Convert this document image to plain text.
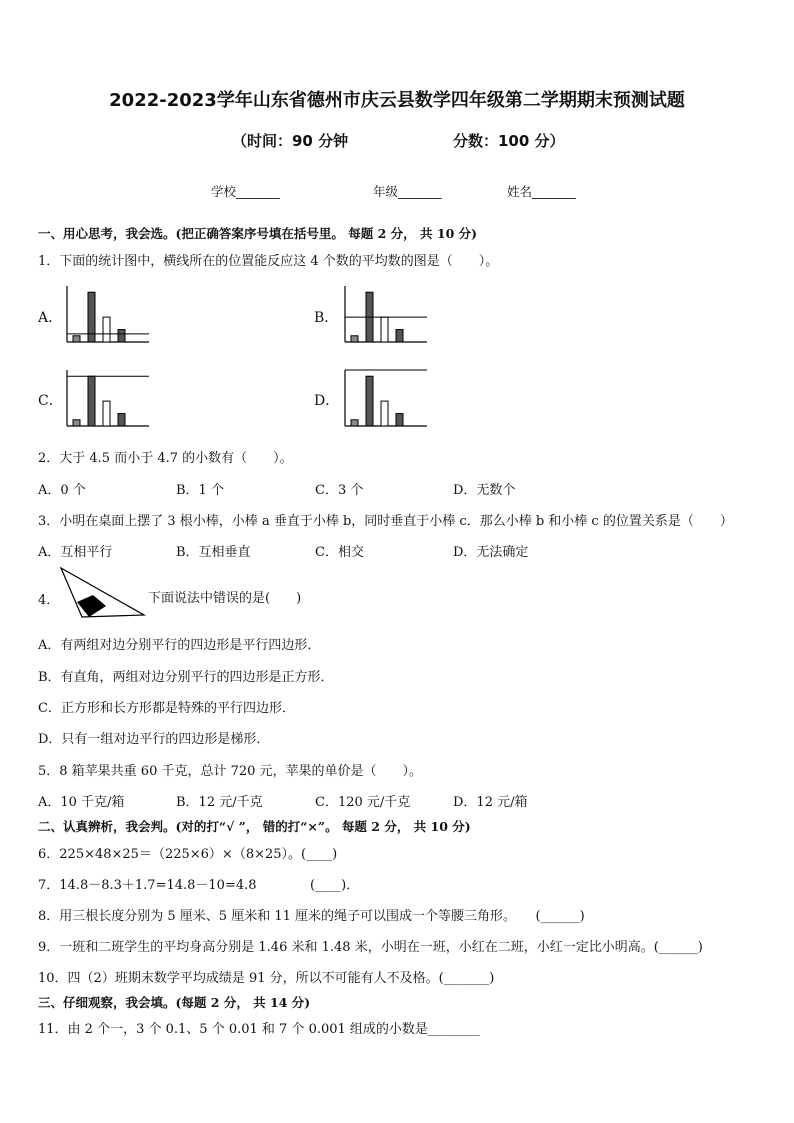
2022-2023学年山东省德州市庆云县数学四年级第二学期期末预测试题
（时间：90 分钟	分数：100 分）
学校_______	年级_______	姓名_______
一、用心思考，我会选。(把正确答案序号填在括号里。 每题 2 分， 共 10 分)
1．下面的统计图中，横线所在的位置能反应这 4 个数的平均数的图是（　　）。
A．	B．
C．	D．
2．大于 4.5 而小于 4.7 的小数有（　　）。
A．0 个	B．1 个	C．3 个	D．无数个
3．小明在桌面上摆了 3 根小棒，小棒 a 垂直于小棒 b，同时垂直于小棒 c．那么小棒 b 和小棒 c 的位置关系是（　　）
A．互相平行	B．互相垂直	C．相交	D．无法确定
4．	下面说法中错误的是(　　)
A．有两组对边分别平行的四边形是平行四边形．
B．有直角，两组对边分别平行的四边形是正方形．
C．正方形和长方形都是特殊的平行四边形．
D．只有一组对边平行的四边形是梯形．
5．8 箱苹果共重 60 千克，总计 720 元，苹果的单价是（　　）。
A．10 千克/箱	B．12 元/千克	C．120 元/千克	D．12 元/箱
二、认真辨析，我会判。(对的打“√ ”， 错的打“×”。 每题 2 分， 共 10 分)
6．225×48×25＝（225×6）×（8×25）。(____)
7．14.8－8.3＋1.7=14.8－10=4.8	(____)．
8．用三根长度分别为 5 厘米、5 厘米和 11 厘米的绳子可以围成一个等腰三角形。　　(______)
9．一班和二班学生的平均身高分别是 1.46 米和 1.48 米，小明在一班，小红在二班，小红一定比小明高。(______)
10．四（2）班期末数学平均成绩是 91 分，所以不可能有人不及格。(_______)
三、仔细观察，我会填。(每题 2 分， 共 14 分)
11．由 2 个一，3 个 0.1、5 个 0.01 和 7 个 0.001 组成的小数是________
